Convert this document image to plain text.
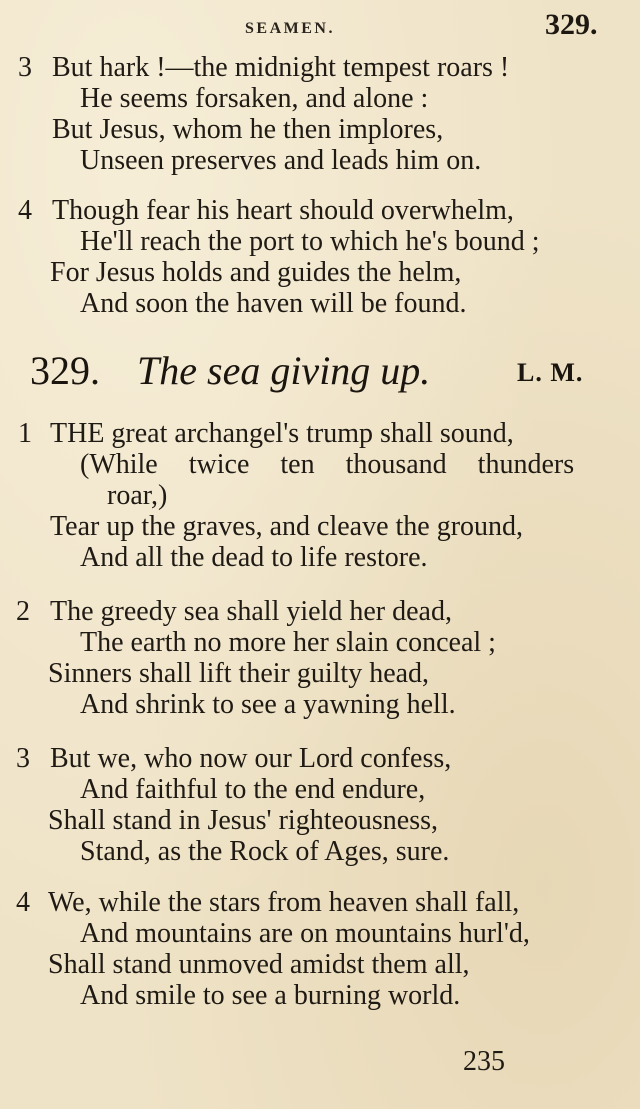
SEAMEN.	329.
3 But hark !—the midnight tempest roars !
He seems forsaken, and alone :
But Jesus, whom he then implores,
Unseen preserves and leads him on.
4 Though fear his heart should overwhelm,
He'll reach the port to which he's bound ;
For Jesus holds and guides the helm,
And soon the haven will be found.
329. The sea giving up.	L. M.
1 THE great archangel's trump shall sound,
(While twice ten thousand thunders
roar,)
Tear up the graves, and cleave the ground,
And all the dead to life restore.
2 The greedy sea shall yield her dead,
The earth no more her slain conceal ;
Sinners shall lift their guilty head,
And shrink to see a yawning hell.
3 But we, who now our Lord confess,
And faithful to the end endure,
Shall stand in Jesus' righteousness,
Stand, as the Rock of Ages, sure.
4 We, while the stars from heaven shall fall,
And mountains are on mountains hurl'd,
Shall stand unmoved amidst them all,
And smile to see a burning world.
235
